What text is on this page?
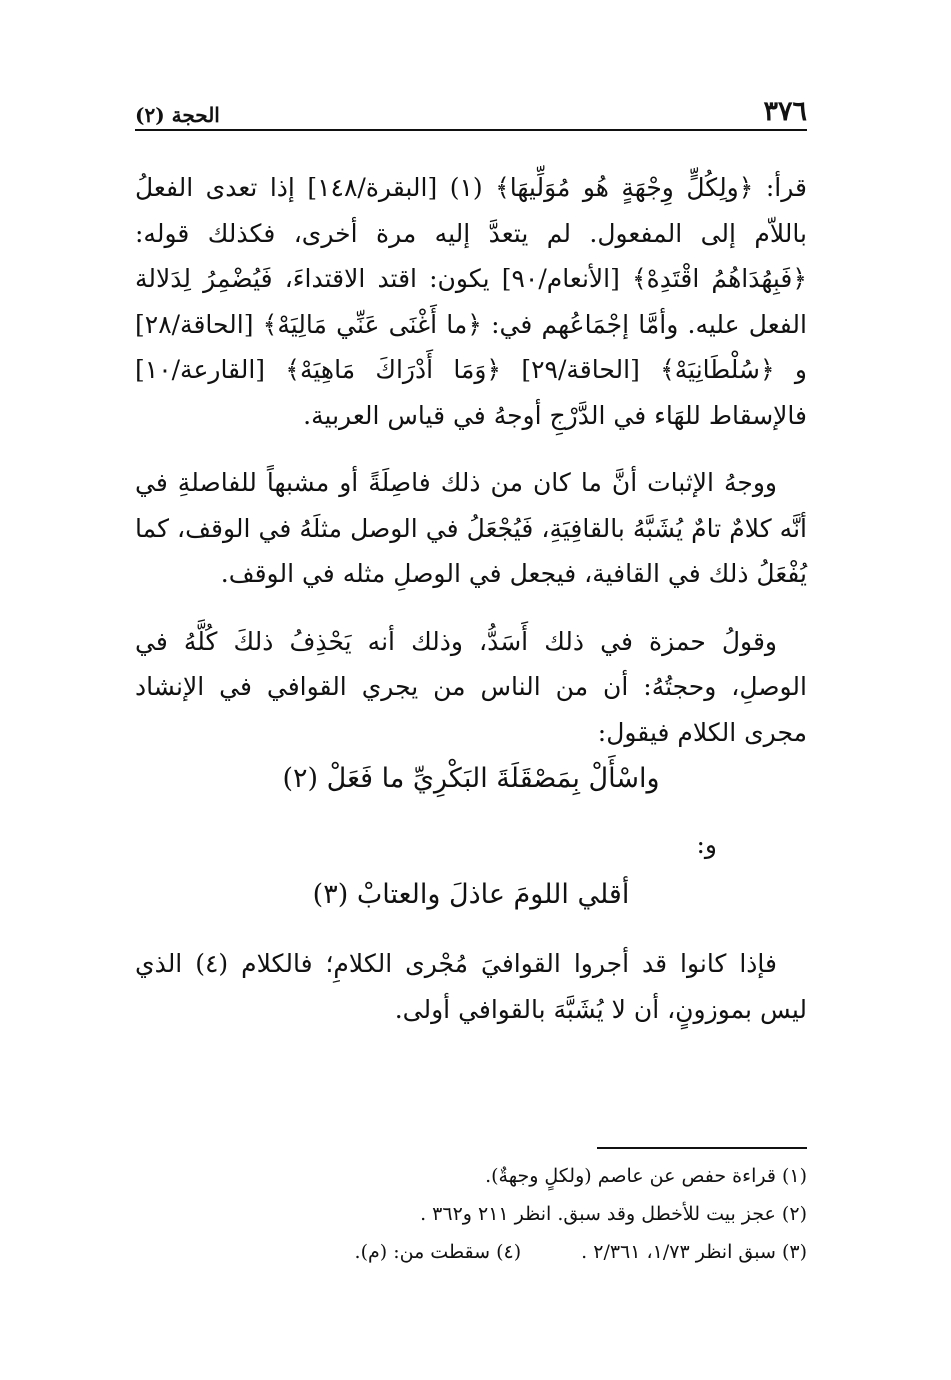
٣٧٦
الحجة (٢)

قرأ: ﴿ولِكُلٍّ وِجْهَةٍ هُو مُوَلِّيهَا﴾ (١) [البقرة/١٤٨] إذا تعدى الفعلُ باللاّم إلى المفعول. لم يتعدَّ إليه مرة أخرى، فكذلك قوله: ﴿فَبِهُدَاهُمُ اقْتَدِهْ﴾ [الأنعام/٩٠] يكون: اقتد الاقتداءَ، فَيُضْمِرُ لِدَلالة الفعل عليه. وأمَّا إجْمَاعُهم في: ﴿ما أَغْنَى عَنِّي مَالِيَهْ﴾ [الحاقة/٢٨] و ﴿سُلْطَانِيَهْ﴾ [الحاقة/٢٩] ﴿وَمَا أَدْرَاكَ مَاهِيَهْ﴾ [القارعة/١٠] فالإسقاط للهَاء في الدَّرْجِ أوجهُ في قياس العربية.

ووجهُ الإثبات أنَّ ما كان من ذلك فاصِلَةً أو مشبهاً للفاصلةِ في أنَّه كلامٌ تامٌ يُشَبَّهُ بالقافِيَةِ، فَيُجْعَلُ في الوصل مثلَهُ في الوقف، كما يُفْعَلُ ذلك في القافية، فيجعل في الوصلِ مثله في الوقف.

وقولُ حمزة في ذلك أَسَدُّ، وذلك أنه يَحْذِفُ ذلكَ كُلَّهُ في الوصلِ، وحجتُهُ: أن من الناس من يجري القوافي في الإنشاد مجرى الكلام فيقول:

واسْأَلْ بِمَصْقَلَةَ البَكْرِيِّ ما فَعَلْ (٢)

و:

أقلي اللومَ عاذلَ والعتابْ (٣)

فإذا كانوا قد أجروا القوافيَ مُجْرى الكلامِ؛ فالكلام (٤) الذي ليس بموزونٍ، أن لا يُشَبَّهَ بالقوافي أولى.

(١) قراءة حفص عن عاصم (ولكلٍ وجهةٌ).

(٢) عجز بيت للأخطل وقد سبق. انظر ٢١١ و٣٦٢ .

(٣) سبق انظر ١/٧٣، ٢/٣٦١ .

(٤) سقطت من: (م).
